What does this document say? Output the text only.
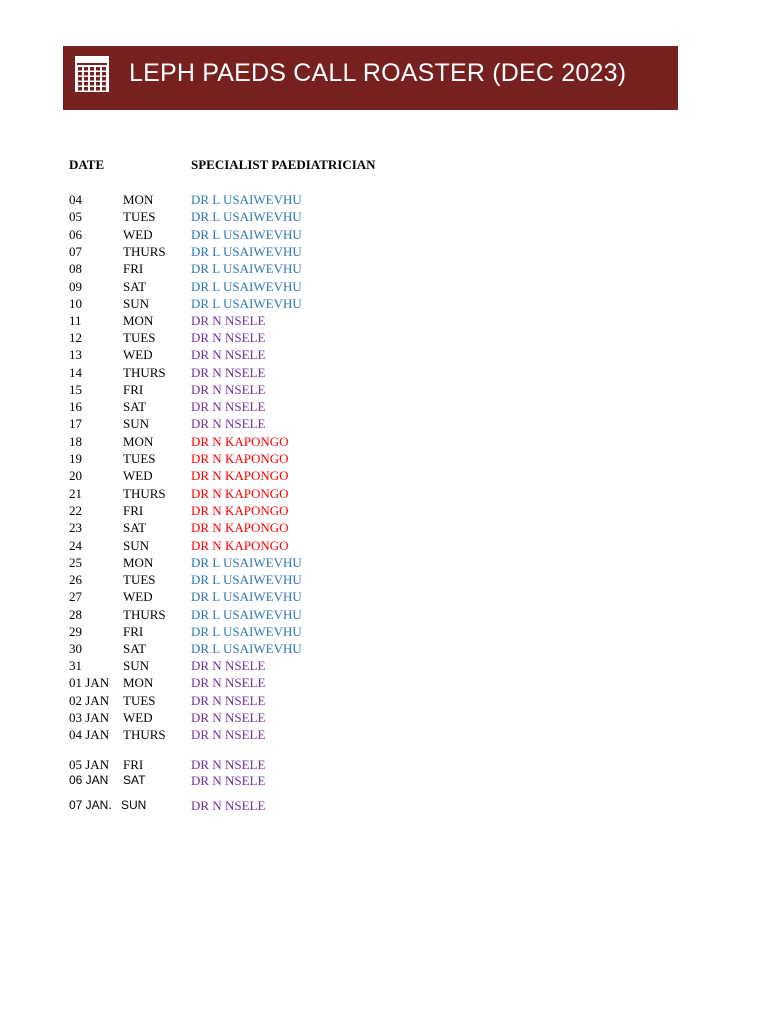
LEPH PAEDS CALL ROASTER (DEC 2023)
DATE	SPECIALIST PAEDIATRICIAN
04	MON	DR L USAIWEVHU
05	TUES	DR L USAIWEVHU
06	WED	DR L USAIWEVHU
07	THURS DR L USAIWEVHU
08	FRI	DR L USAIWEVHU
09	SAT	DR L USAIWEVHU
10	SUN	DR L USAIWEVHU
11	MON	DR N NSELE
12	TUES	DR N NSELE
13	WED	DR N NSELE
14	THURS DR N NSELE
15	FRI	DR N NSELE
16	SAT	DR N NSELE
17	SUN	DR N NSELE
18	MON	DR N KAPONGO
19	TUES	DR N KAPONGO
20	WED	DR N KAPONGO
21	THURS DR N KAPONGO
22	FRI	DR N KAPONGO
23	SAT	DR N KAPONGO
24	SUN	DR N KAPONGO
25	MON	DR L USAIWEVHU
26	TUES	DR L USAIWEVHU
27	WED	DR L USAIWEVHU
28	THURS DR L USAIWEVHU
29	FRI	DR L USAIWEVHU
30	SAT	DR L USAIWEVHU
31	SUN	DR N NSELE
01 JAN MON	DR N NSELE
02 JAN TUES	DR N NSELE
03 JAN WED	DR N NSELE
04 JAN THURS DR N NSELE
05 JAN FRI	DR N NSELE
06 JAN SAT	DR N NSELE
07 JAN. SUN	DR N NSELE
